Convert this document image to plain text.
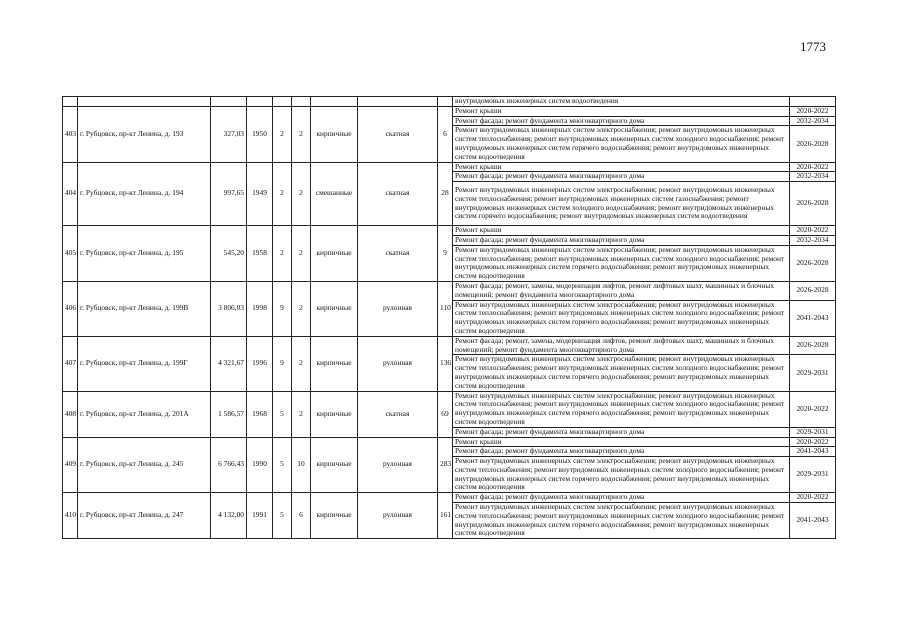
1773
									внутридомовых инженерных систем водоотведения	
403	г. Рубцовск, пр-кт Ленина, д. 193	327,03	1950	2	2	кирпичные	скатная	6	Ремонт крыши	2020-2022
									Ремонт фасада; ремонт фундамента многоквартирного дома	2032-2034
									Ремонт внутридомовых инженерных систем электроснабжения; ремонт внутридомовых инженерных систем теплоснабжения; ремонт внутридомовых инженерных систем холодного водоснабжения; ремонт внутридомовых инженерных систем горячего водоснабжения; ремонт внутридомовых инженерных систем водоотведения	2026-2028
404	г. Рубцовск, пр-кт Ленина, д. 194	997,65	1949	2	2	смешанные	скатная	28	Ремонт крыши	2020-2022
									Ремонт фасада; ремонт фундамента многоквартирного дома	2032-2034
									Ремонт внутридомовых инженерных систем электроснабжения; ремонт внутридомовых инженерных систем теплоснабжения; ремонт внутридомовых инженерных систем газоснабжения; ремонт внутридомовых инженерных систем холодного водоснабжения; ремонт внутридомовых инженерных систем горячего водоснабжения; ремонт внутридомовых инженерных систем водоотведения	2026-2028
405	г. Рубцовск, пр-кт Ленина, д. 195	545,20	1958	2	2	кирпичные	скатная	9	Ремонт крыши	2020-2022
									Ремонт фасада; ремонт фундамента многоквартирного дома	2032-2034
									Ремонт внутридомовых инженерных систем электроснабжения; ремонт внутридомовых инженерных систем теплоснабжения; ремонт внутридомовых инженерных систем холодного водоснабжения; ремонт внутридомовых инженерных систем горячего водоснабжения; ремонт внутридомовых инженерных систем водоотведения	2026-2028
406	г. Рубцовск, пр-кт Ленина, д. 199В	3 806,03	1998	9	2	кирпичные	рулонная	110	Ремонт фасада; ремонт, замена, модернизация лифтов, ремонт лифтовых шахт, машинных и блочных помещений; ремонт фундамента многоквартирного дома	2026-2028
									Ремонт внутридомовых инженерных систем электроснабжения; ремонт внутридомовых инженерных систем теплоснабжения; ремонт внутридомовых инженерных систем холодного водоснабжения; ремонт внутридомовых инженерных систем горячего водоснабжения; ремонт внутридомовых инженерных систем водоотведения	2041-2043
407	г. Рубцовск, пр-кт Ленина, д. 199Г	4 321,67	1996	9	2	кирпичные	рулонная	136	Ремонт фасада; ремонт, замена, модернизация лифтов, ремонт лифтовых шахт, машинных и блочных помещений; ремонт фундамента многоквартирного дома	2026-2028
									Ремонт внутридомовых инженерных систем электроснабжения; ремонт внутридомовых инженерных систем теплоснабжения; ремонт внутридомовых инженерных систем холодного водоснабжения; ремонт внутридомовых инженерных систем горячего водоснабжения; ремонт внутридомовых инженерных систем водоотведения	2029-2031
408	г. Рубцовск, пр-кт Ленина, д. 201А	1 586,57	1968	5	2	кирпичные	скатная	69	Ремонт внутридомовых инженерных систем электроснабжения; ремонт внутридомовых инженерных систем теплоснабжения; ремонт внутридомовых инженерных систем холодного водоснабжения; ремонт внутридомовых инженерных систем горячего водоснабжения; ремонт внутридомовых инженерных систем водоотведения	2020-2022
									Ремонт фасада; ремонт фундамента многоквартирного дома	2029-2031
409	г. Рубцовск, пр-кт Ленина, д. 245	6 766,43	1990	5	10	кирпичные	рулонная	283	Ремонт крыши	2020-2022
									Ремонт фасада; ремонт фундамента многоквартирного дома	2041-2043
									Ремонт внутридомовых инженерных систем электроснабжения; ремонт внутридомовых инженерных систем теплоснабжения; ремонт внутридомовых инженерных систем холодного водоснабжения; ремонт внутридомовых инженерных систем горячего водоснабжения; ремонт внутридомовых инженерных систем водоотведения	2029-2031
410	г. Рубцовск, пр-кт Ленина, д. 247	4 132,00	1991	5	6	кирпичные	рулонная	161	Ремонт фасада; ремонт фундамента многоквартирного дома	2020-2022
									Ремонт внутридомовых инженерных систем электроснабжения; ремонт внутридомовых инженерных систем теплоснабжения; ремонт внутридомовых инженерных систем холодного водоснабжения; ремонт внутридомовых инженерных систем горячего водоснабжения; ремонт внутридомовых инженерных систем водоотведения	2041-2043
